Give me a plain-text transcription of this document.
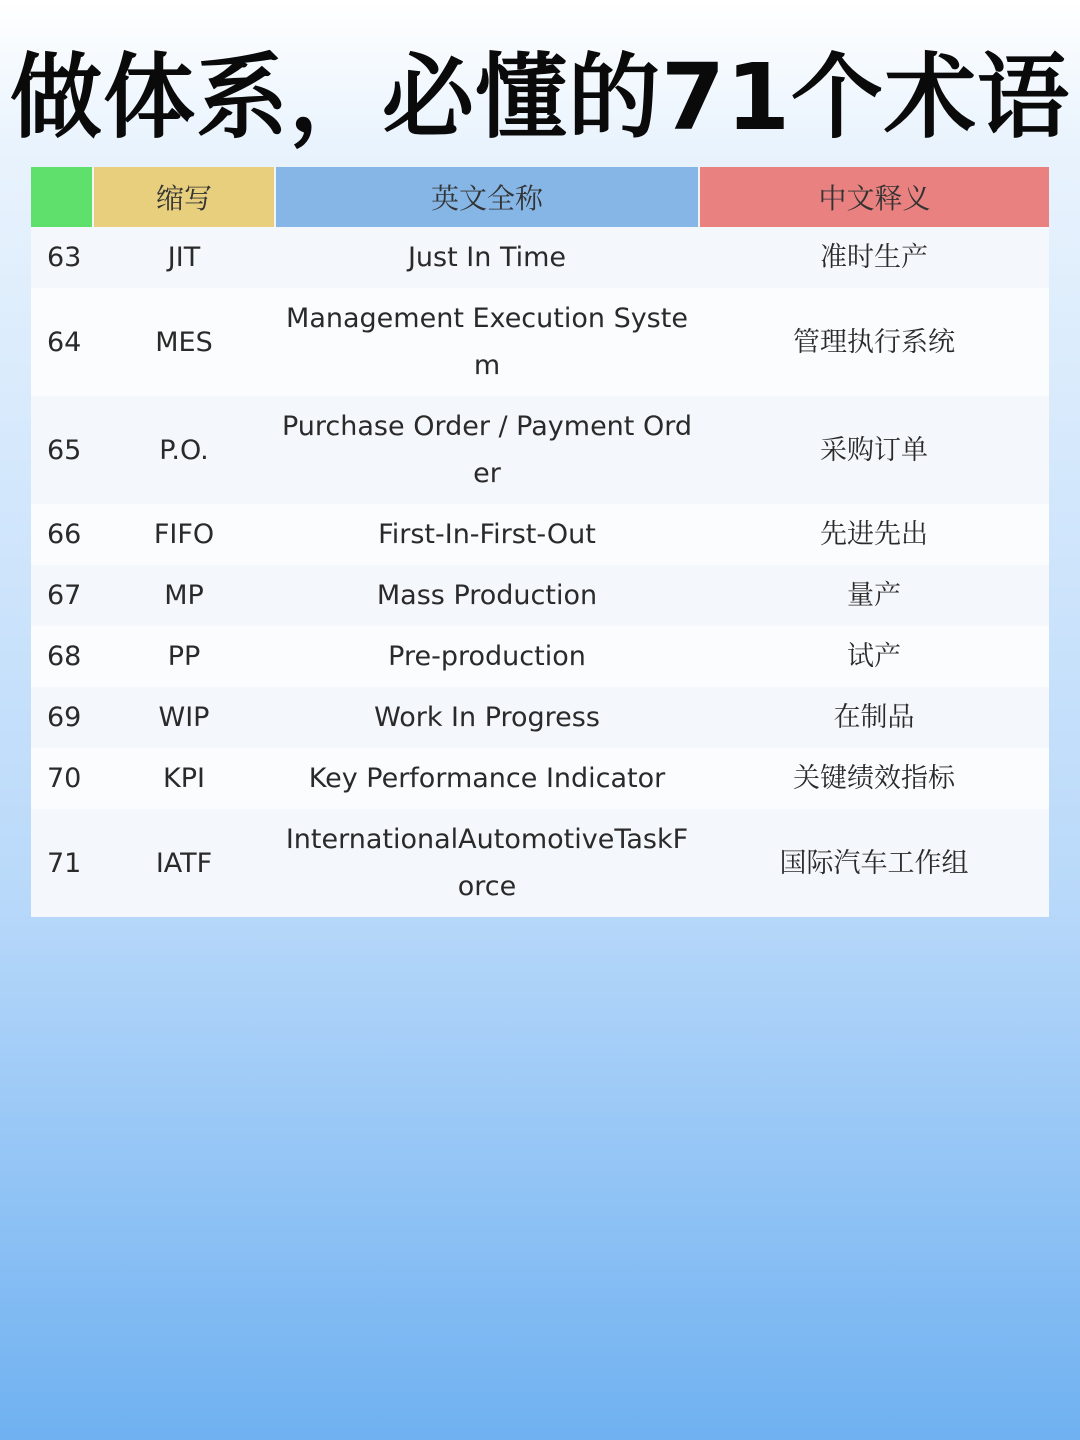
做体系，必懂的71个术语
	缩写	英文全称	中文释义
63	JIT	Just In Time	准时生产
64	MES	Management Execution System	管理执行系统
65	P.O.	Purchase Order / Payment Order	采购订单
66	FIFO	First-In-First-Out	先进先出
67	MP	Mass Production	量产
68	PP	Pre-production	试产
69	WIP	Work In Progress	在制品
70	KPI	Key Performance Indicator	关键绩效指标
71	IATF	InternationalAutomotiveTaskForce	国际汽车工作组
